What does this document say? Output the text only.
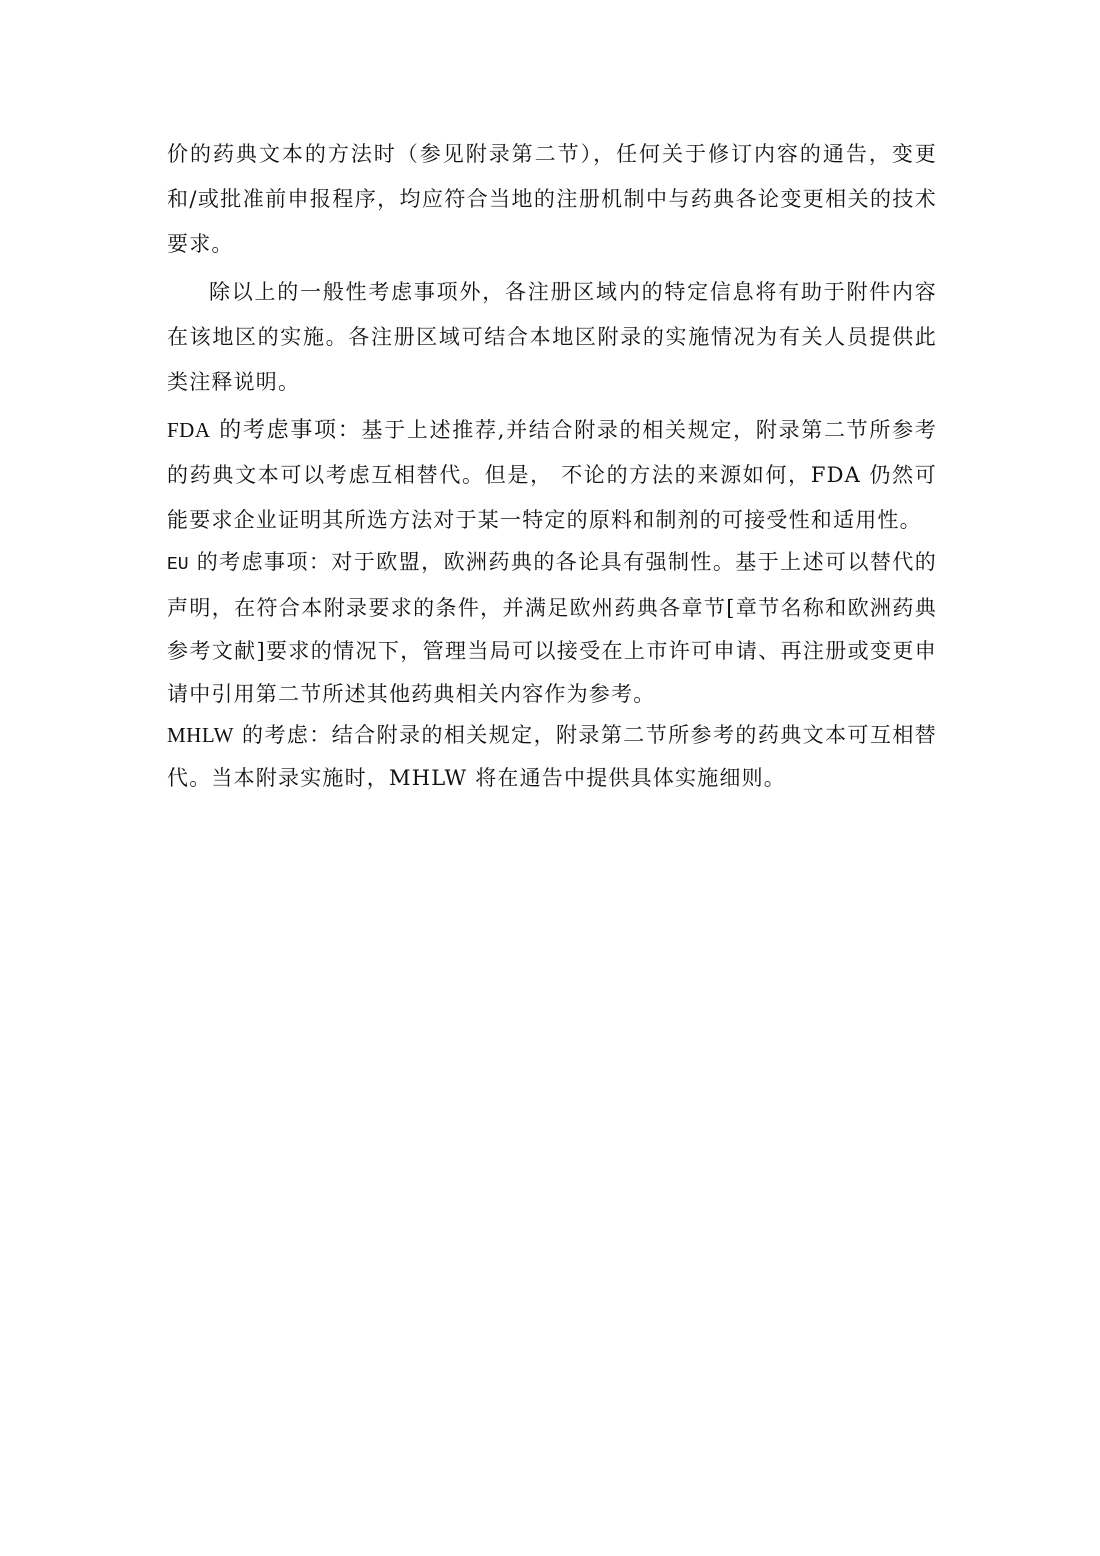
价的药典文本的方法时（参见附录第二节），任何关于修订内容的通告，变更和/或批准前申报程序，均应符合当地的注册机制中与药典各论变更相关的技术要求。

除以上的一般性考虑事项外，各注册区域内的特定信息将有助于附件内容在该地区的实施。各注册区域可结合本地区附录的实施情况为有关人员提供此类注释说明。

FDA 的考虑事项：基于上述推荐,并结合附录的相关规定，附录第二节所参考的药典文本可以考虑互相替代。但是， 不论的方法的来源如何，FDA 仍然可能要求企业证明其所选方法对于某一特定的原料和制剂的可接受性和适用性。

EU 的考虑事项：对于欧盟，欧洲药典的各论具有强制性。基于上述可以替代的声明，在符合本附录要求的条件，并满足欧州药典各章节[章节名称和欧洲药典参考文献]要求的情况下，管理当局可以接受在上市许可申请、再注册或变更申请中引用第二节所述其他药典相关内容作为参考。

MHLW 的考虑：结合附录的相关规定，附录第二节所参考的药典文本可互相替代。当本附录实施时，MHLW 将在通告中提供具体实施细则。
